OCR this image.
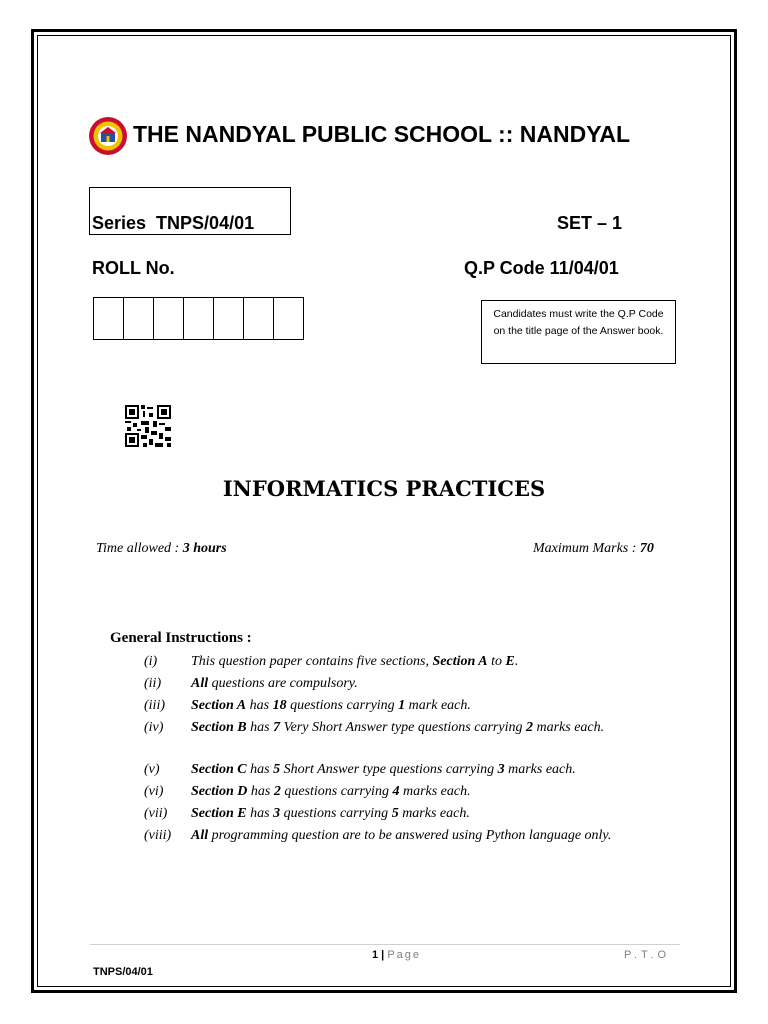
THE NANDYAL PUBLIC SCHOOL :: NANDYAL
Series TNPS/04/01	SET – 1
ROLL No.	Q.P Code 11/04/01
Candidates must write the Q.P Code on the title page of the Answer book.
INFORMATICS PRACTICES
Time allowed : 3 hours	Maximum Marks : 70
General Instructions :
(i) This question paper contains five sections, Section A to E.
(ii) All questions are compulsory.
(iii) Section A has 18 questions carrying 1 mark each.
(iv) Section B has 7 Very Short Answer type questions carrying 2 marks each.
(v) Section C has 5 Short Answer type questions carrying 3 marks each.
(vi) Section D has 2 questions carrying 4 marks each.
(vii) Section E has 3 questions carrying 5 marks each.
(viii) All programming question are to be answered using Python language only.
1 | Page	P.T.O
TNPS/04/01
